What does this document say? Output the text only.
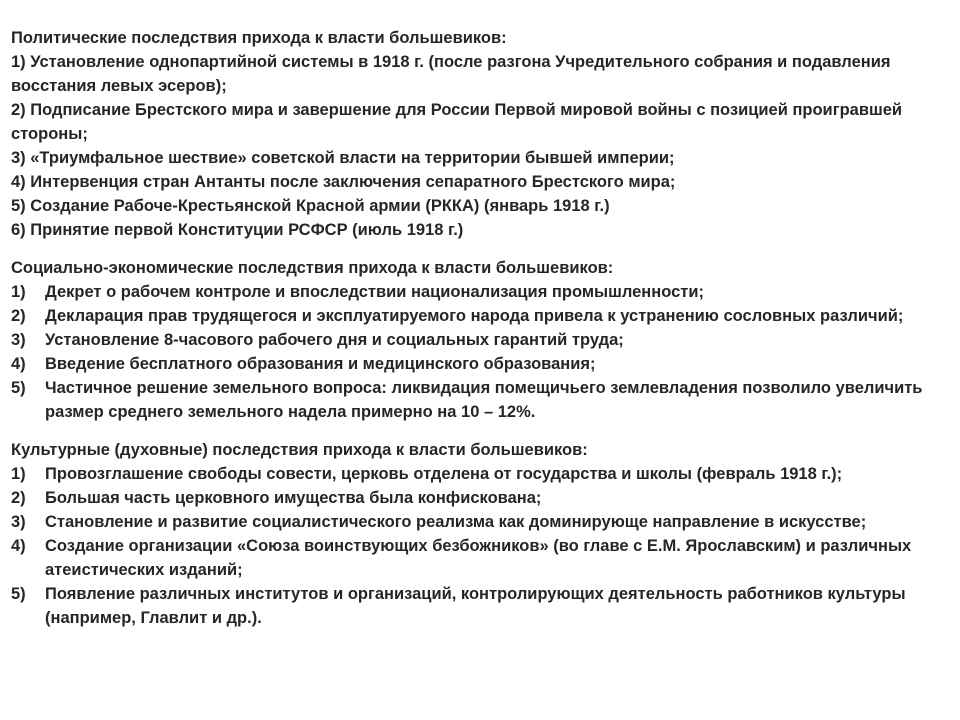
Политические последствия прихода к власти большевиков:
1) Установление однопартийной системы в 1918 г. (после разгона Учредительного собрания и подавления восстания левых эсеров);
2) Подписание Брестского мира и завершение для России Первой мировой войны с позицией проигравшей стороны;
3) «Триумфальное шествие» советской власти на территории бывшей империи;
4) Интервенция стран Антанты после заключения сепаратного Брестского мира;
5) Создание Рабоче-Крестьянской Красной армии (РККА) (январь 1918 г.)
6) Принятие первой Конституции РСФСР (июль 1918 г.)
Социально-экономические последствия прихода к власти большевиков:
1) Декрет о рабочем контроле и впоследствии национализация промышленности;
2) Декларация прав трудящегося и эксплуатируемого народа привела к устранению сословных различий;
3) Установление 8-часового рабочего дня и социальных гарантий труда;
4) Введение бесплатного образования и медицинского образования;
5) Частичное решение земельного вопроса: ликвидация помещичьего землевладения позволило увеличить размер среднего земельного надела примерно на 10 – 12%.
Культурные (духовные) последствия прихода к власти большевиков:
1) Провозглашение свободы совести, церковь отделена от государства и школы (февраль 1918 г.);
2) Большая часть церковного имущества была конфискована;
3) Становление и развитие социалистического реализма как доминирующе направление в искусстве;
4) Создание организации «Союза воинствующих безбожников» (во главе с Е.М. Ярославским) и различных атеистических изданий;
5) Появление различных институтов и организаций, контролирующих деятельность работников культуры (например, Главлит и др.).
